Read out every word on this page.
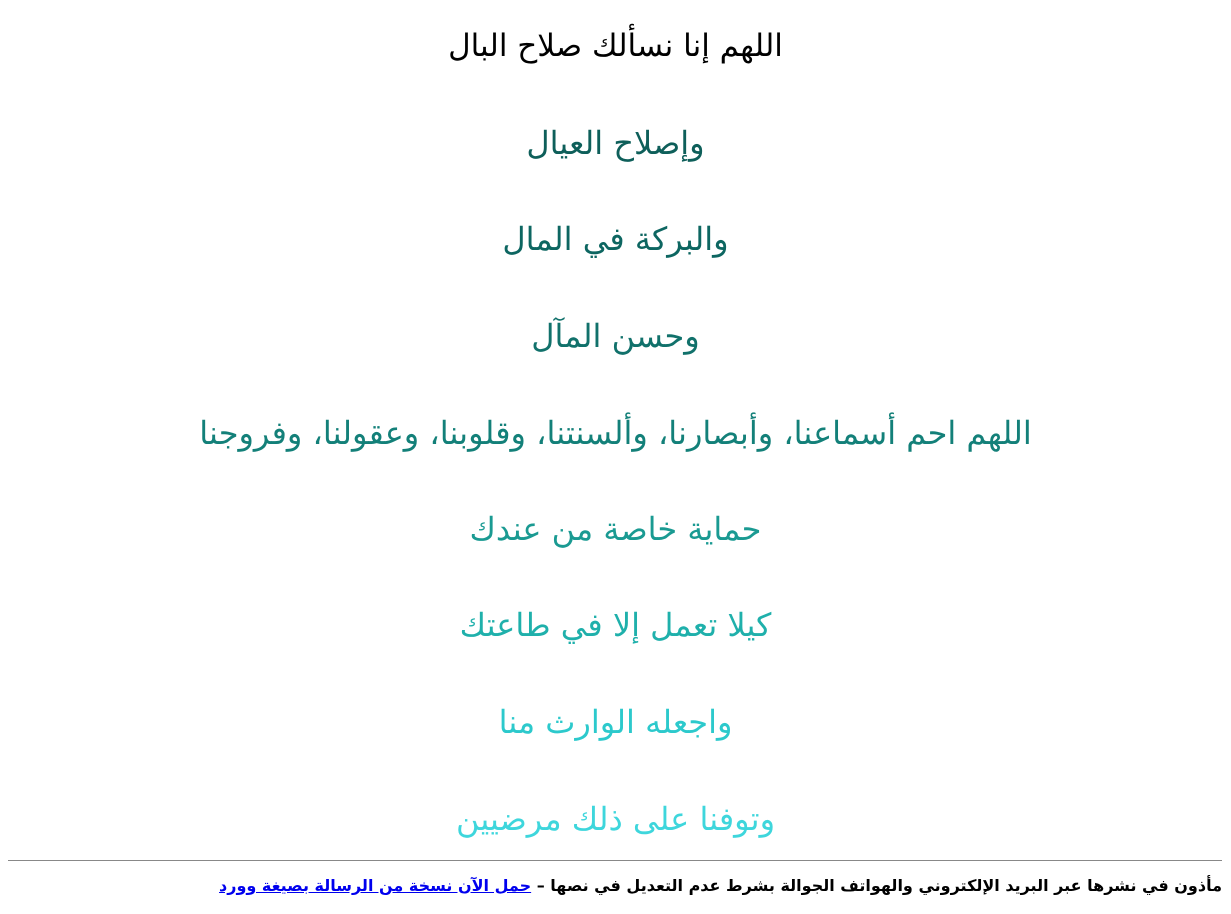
اللهم إنا نسألك صلاح البال
وإصلاح العيال
والبركة في المال
وحسن المآل
اللهم احم أسماعنا، وأبصارنا، وألسنتنا، وقلوبنا، وعقولنا، وفروجنا
حماية خاصة من عندك
كيلا تعمل إلا في طاعتك
واجعله الوارث منا
وتوفنا على ذلك مرضيين
مأذون في نشرها عبر البريد الإلكتروني والهواتف الجوالة بشرط عدم التعديل في نصها – حمل الآن نسخة من الرسالة بصيغة وورد
